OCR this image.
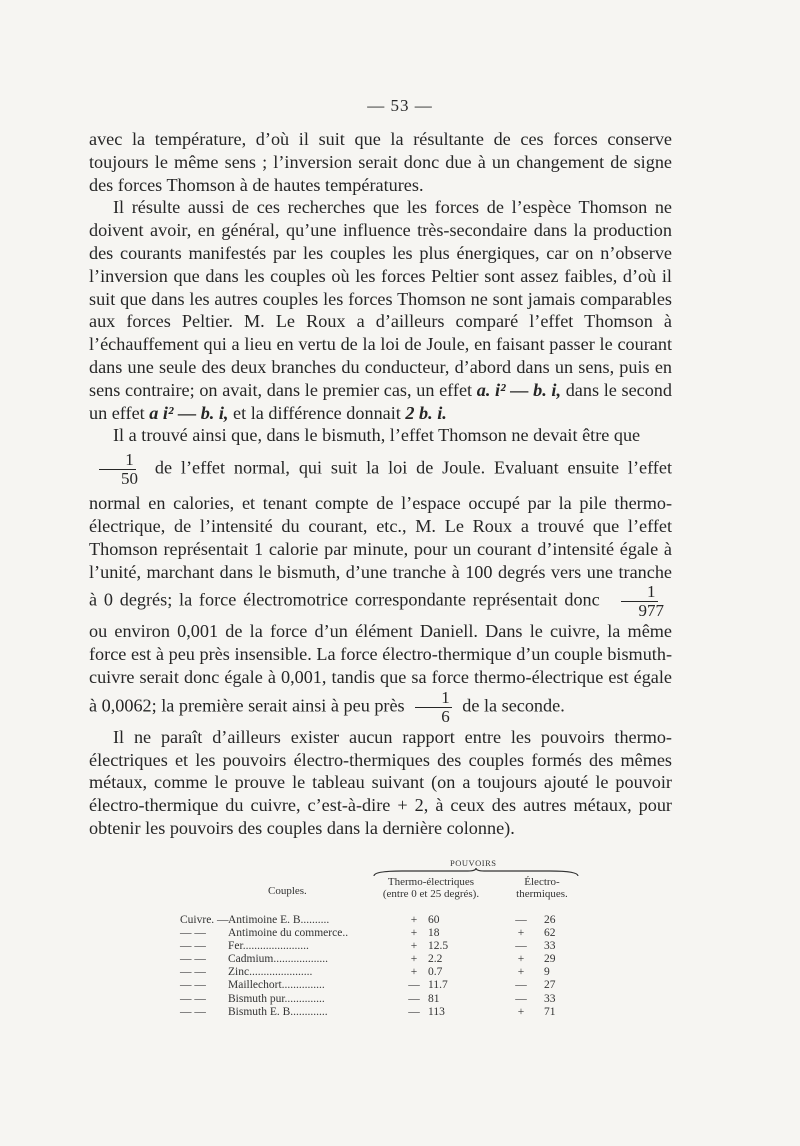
— 53 —

avec la température, d’où il suit que la résultante de ces forces conserve toujours le même sens ; l’inversion serait donc due à un changement de signe des forces Thomson à de hautes températures.

Il résulte aussi de ces recherches que les forces de l’espèce Thomson ne doivent avoir, en général, qu’une influence très-secondaire dans la production des courants manifestés par les couples les plus énergiques, car on n’observe l’inversion que dans les couples où les forces Peltier sont assez faibles, d’où il suit que dans les autres couples les forces Thomson ne sont jamais comparables aux forces Peltier. M. Le Roux a d’ailleurs comparé l’effet Thomson à l’échauffement qui a lieu en vertu de la loi de Joule, en faisant passer le courant dans une seule des deux branches du conducteur, d’abord dans un sens, puis en sens contraire; on avait, dans le premier cas, un effet a. i² — b. i, dans le second un effet a i² — b. i, et la différence donnait 2 b. i.

Il a trouvé ainsi que, dans le bismuth, l’effet Thomson ne devait être que

$\frac{1}{50}$ de l’effet normal, qui suit la loi de Joule. Evaluant ensuite l’effet normal en calories, et tenant compte de l’espace occupé par la pile thermo-électrique, de l’intensité du courant, etc., M. Le Roux a trouvé que l’effet Thomson représentait 1 calorie par minute, pour un courant d’intensité égale à l’unité, marchant dans le bismuth, d’une tranche à 100 degrés vers une tranche à 0 degrés; la force électromotrice correspondante représentait donc $\frac{1}{977}$
ou environ 0,001 de la force d’un élément Daniell. Dans le cuivre, la même force est à peu près insensible. La force électro-thermique d’un couple bismuth-cuivre serait donc égale à 0,001, tandis que sa force thermo-électrique est égale à 0,0062; la première serait ainsi à peu près $\frac{1}{6}$ de la seconde.

Il ne paraît d’ailleurs exister aucun rapport entre les pouvoirs thermo-électriques et les pouvoirs électro-thermiques des couples formés des mêmes métaux, comme le prouve le tableau suivant (on a toujours ajouté le pouvoir électro-thermique du cuivre, c’est-à-dire + 2, à ceux des autres métaux, pour obtenir les pouvoirs des couples dans la dernière colonne).

POUVOIRS
Couples.
Thermo-électriques
(entre 0 et 25 degrés).
Électro-
thermiques.
Cuivre. — Antimoine E. B..........	+ 60	— 26
— —	Antimoine du commerce..	+ 18	+ 62
— —	Fer.......................	+ 12.5	— 33
— —	Cadmium...................	+ 2.2	+ 29
— —	Zinc......................	+ 0.7	+ 9
— —	Maillechort...............	— 11.7	— 27
— —	Bismuth pur..............	— 81	— 33
— —	Bismuth E. B.............	— 113	+ 71
